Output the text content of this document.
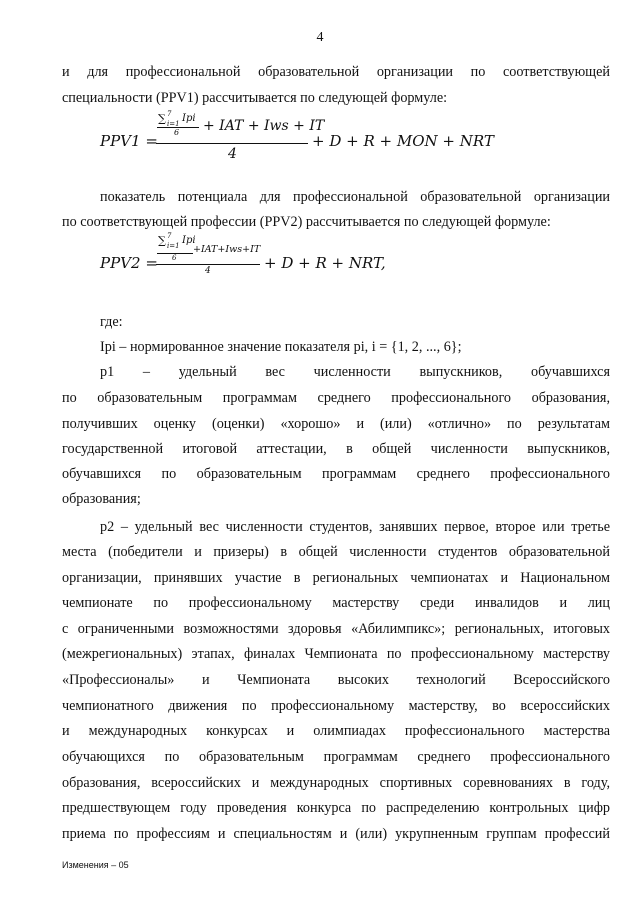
4
и для профессиональной образовательной организации по соответствующей
специальности (PPV1) рассчитывается по следующей формуле:
PPV1 =
∑ 7
i=1 Ipi
6 + IAT + Iws + IT
4
+ D + R + MON + NRT
показатель потенциала для профессиональной образовательной организации
по соответствующей профессии (PPV2) рассчитывается по следующей формуле:
PPV2 =
∑ 7
i=1 Ipi
6
+IAT+Iws+IT
4	+ D + R + NRT,
где:
Ipi – нормированное значение показателя pi, i = {1, 2, ..., 6};
p1 – удельный вес численности выпускников, обучавшихся
по образовательным программам среднего профессионального образования,
получивших оценку (оценки) «хорошо» и (или) «отлично» по результатам
государственной итоговой аттестации, в общей численности выпускников,
обучавшихся по образовательным программам среднего профессионального
образования;
p2 – удельный вес численности студентов, занявших первое, второе или третье
места (победители и призеры) в общей численности студентов образовательной
организации, принявших участие в региональных чемпионатах и Национальном
чемпионате по профессиональному мастерству среди инвалидов и лиц
с ограниченными возможностями здоровья «Абилимпикс»; региональных, итоговых
(межрегиональных) этапах, финалах Чемпионата по профессиональному мастерству
«Профессионалы» и Чемпионата высоких технологий Всероссийского
чемпионатного движения по профессиональному мастерству, во всероссийских
и международных конкурсах и олимпиадах профессионального мастерства
обучающихся по образовательным программам среднего профессионального
образования, всероссийских и международных спортивных соревнованиях в году,
предшествующем году проведения конкурса по распределению контрольных цифр
приема по профессиям и специальностям и (или) укрупненным группам профессий
Изменения – 05
